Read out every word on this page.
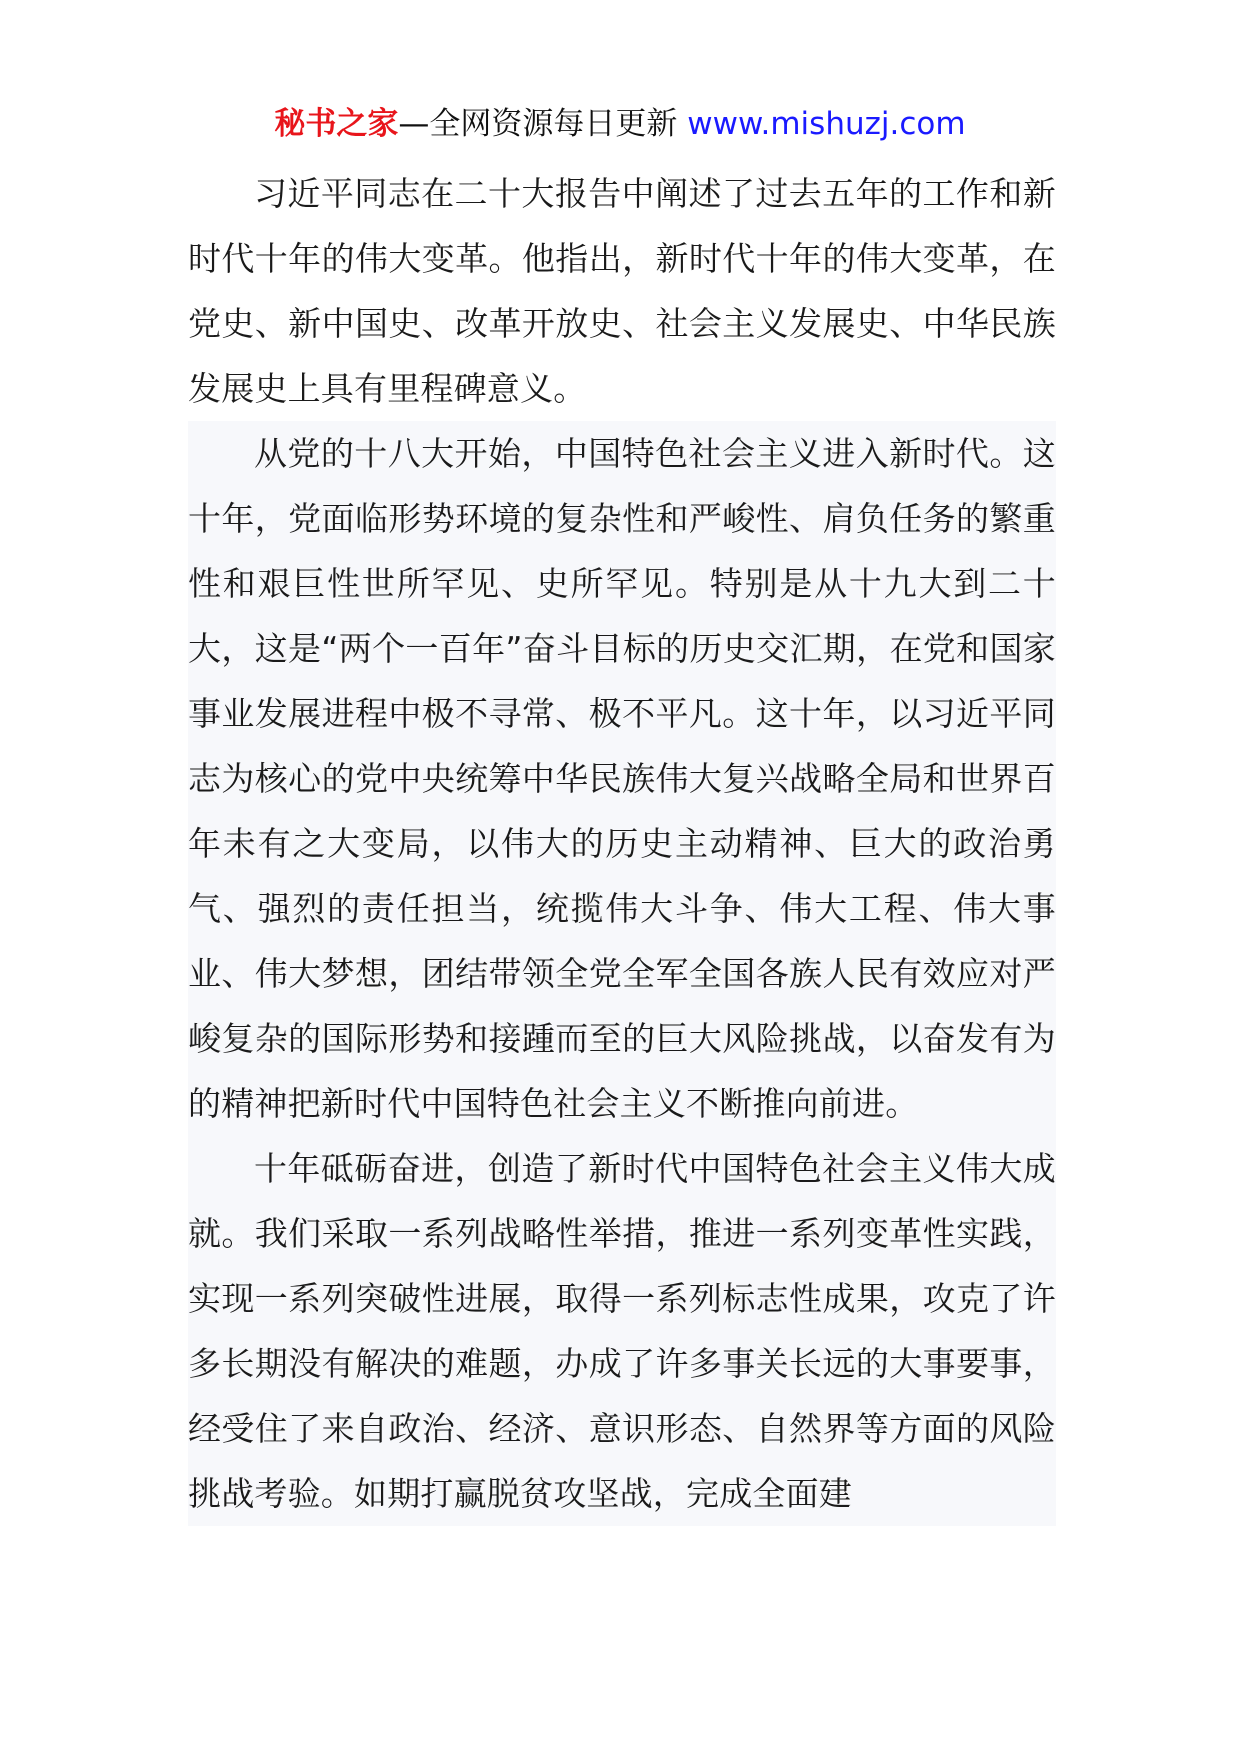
秘书之家—全网资源每日更新 www.mishuzj.com

习近平同志在二十大报告中阐述了过去五年的工作和新时代十年的伟大变革。他指出，新时代十年的伟大变革，在党史、新中国史、改革开放史、社会主义发展史、中华民族发展史上具有里程碑意义。

从党的十八大开始，中国特色社会主义进入新时代。这十年，党面临形势环境的复杂性和严峻性、肩负任务的繁重性和艰巨性世所罕见、史所罕见。特别是从十九大到二十大，这是“两个一百年”奋斗目标的历史交汇期，在党和国家事业发展进程中极不寻常、极不平凡。这十年，以习近平同志为核心的党中央统筹中华民族伟大复兴战略全局和世界百年未有之大变局，以伟大的历史主动精神、巨大的政治勇气、强烈的责任担当，统揽伟大斗争、伟大工程、伟大事业、伟大梦想，团结带领全党全军全国各族人民有效应对严峻复杂的国际形势和接踵而至的巨大风险挑战，以奋发有为的精神把新时代中国特色社会主义不断推向前进。

十年砥砺奋进，创造了新时代中国特色社会主义伟大成就。我们采取一系列战略性举措，推进一系列变革性实践，实现一系列突破性进展，取得一系列标志性成果，攻克了许多长期没有解决的难题，办成了许多事关长远的大事要事，经受住了来自政治、经济、意识形态、自然界等方面的风险挑战考验。如期打赢脱贫攻坚战，完成全面建
